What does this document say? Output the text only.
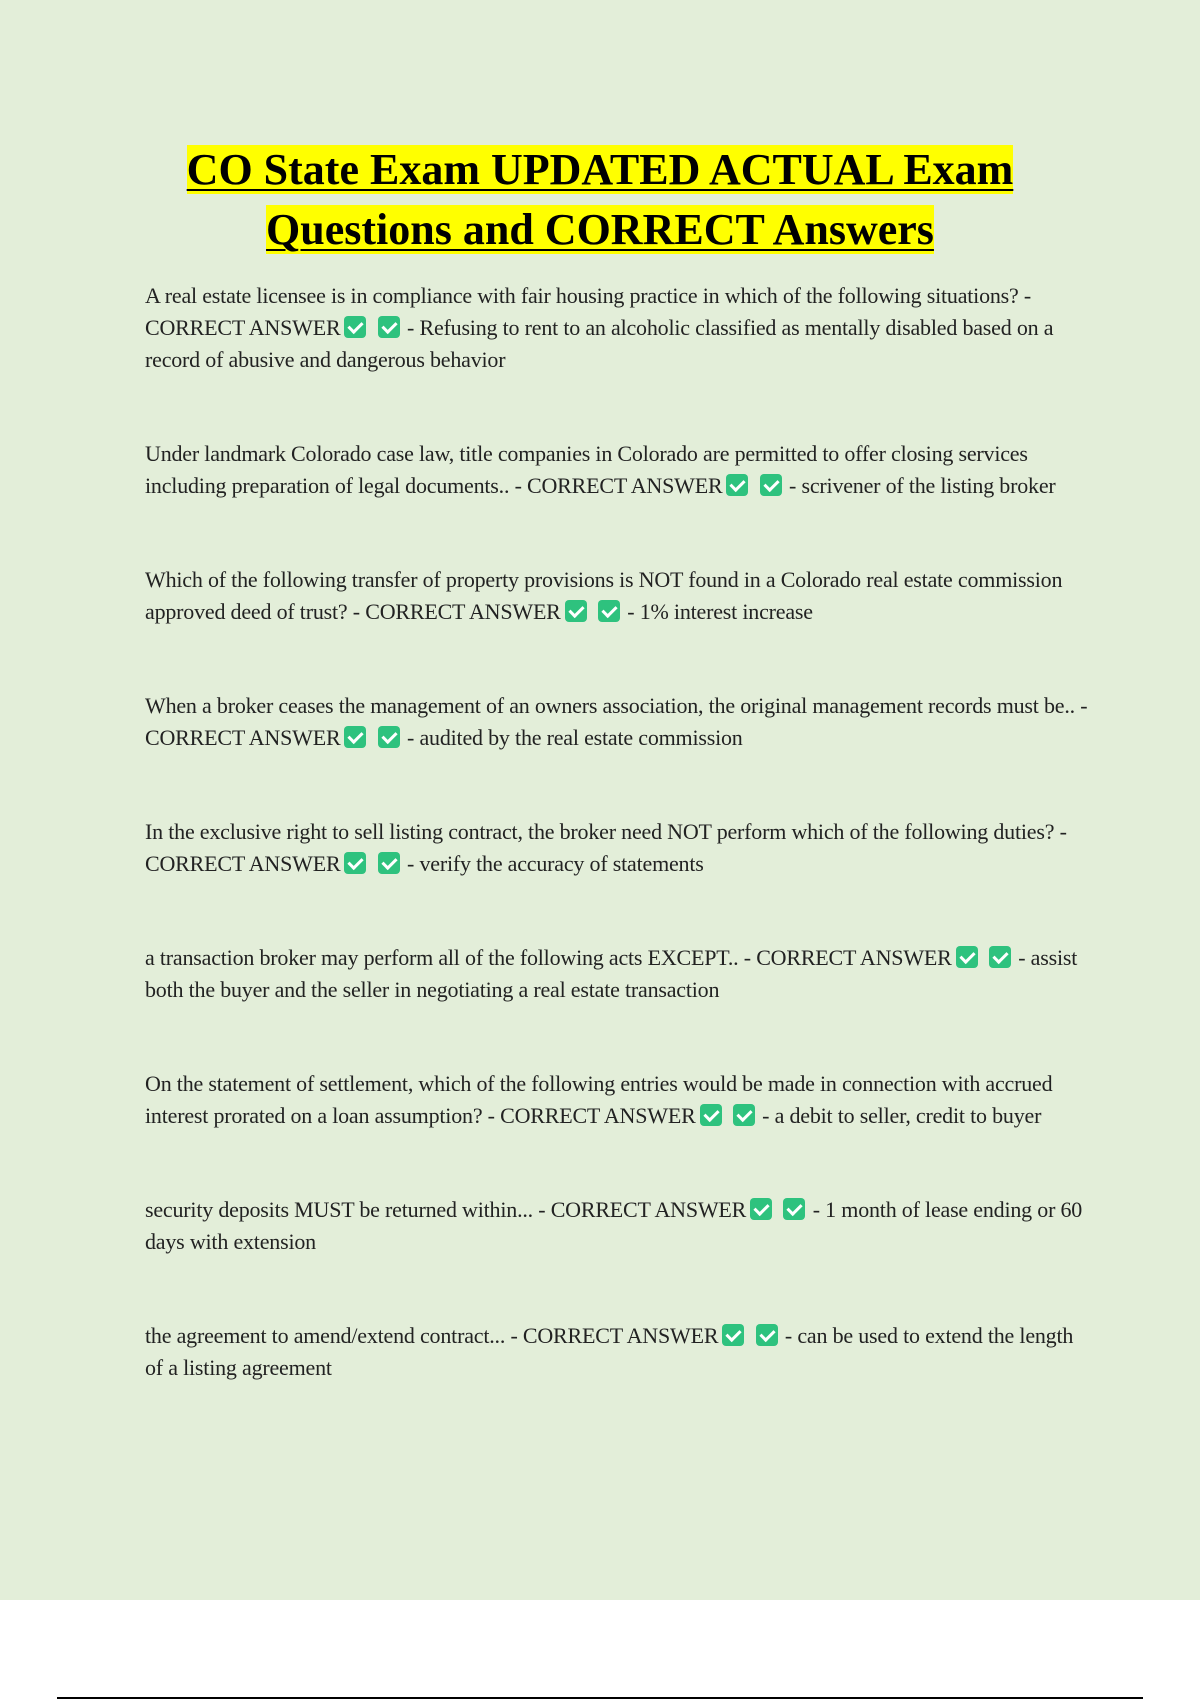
CO State Exam UPDATED ACTUAL Exam Questions and CORRECT Answers

A real estate licensee is in compliance with fair housing practice in which of the following situations? - CORRECT ANSWER	- Refusing to rent to an alcoholic classified as mentally disabled based on a record of abusive and dangerous behavior

Under landmark Colorado case law, title companies in Colorado are permitted to offer closing services including preparation of legal documents.. - CORRECT ANSWER	- scrivener of the listing broker

Which of the following transfer of property provisions is NOT found in a Colorado real estate commission approved deed of trust? - CORRECT ANSWER	- 1% interest increase

When a broker ceases the management of an owners association, the original management records must be.. - CORRECT ANSWER	- audited by the real estate commission

In the exclusive right to sell listing contract, the broker need NOT perform which of the following duties? - CORRECT ANSWER	- verify the accuracy of statements

a transaction broker may perform all of the following acts EXCEPT.. - CORRECT ANSWER	- assist both the buyer and the seller in negotiating a real estate transaction

On the statement of settlement, which of the following entries would be made in connection with accrued interest prorated on a loan assumption? - CORRECT ANSWER	- a debit to seller, credit to buyer

security deposits MUST be returned within... - CORRECT ANSWER	- 1 month of lease ending or 60 days with extension

the agreement to amend/extend contract... - CORRECT ANSWER	- can be used to extend the length of a listing agreement
